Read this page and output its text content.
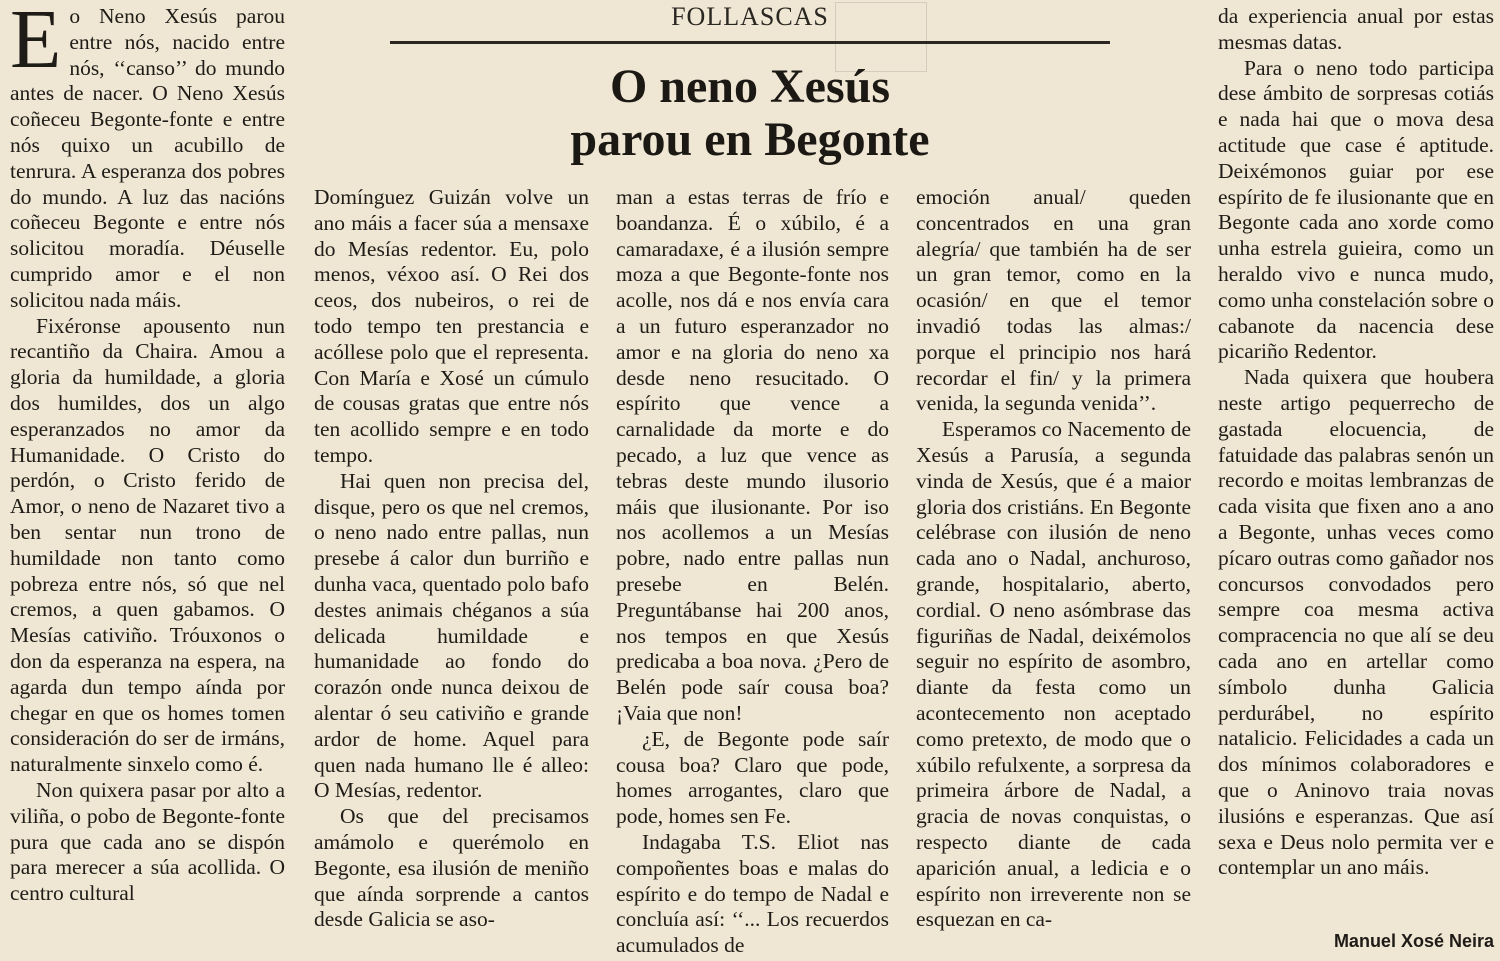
FOLLASCAS
O neno Xesús
parou en Begonte

Eo Neno Xesús parou entre nós, nacido entre nós, ‘‘canso’’ do mundo antes de nacer. O Neno Xesús coñeceu Begonte-fonte e entre nós quixo un acubillo de tenrura. A esperanza dos pobres do mundo. A luz das nacións coñeceu Begonte e entre nós solicitou moradía. Déuselle cumprido amor e el non solicitou nada máis.

Fixéronse apousento nun recantiño da Chaira. Amou a gloria da humildade, a gloria dos humildes, dos un algo esperanzados no amor da Humanidade. O Cristo do perdón, o Cristo ferido de Amor, o neno de Nazaret tivo a ben sentar nun trono de humildade non tanto como pobreza entre nós, só que nel cremos, a quen gabamos. O Mesías cativiño. Tróuxonos o don da esperanza na espera, na agarda dun tempo aínda por chegar en que os homes tomen consideración do ser de irmáns, naturalmente sinxelo como é.

Non quixera pasar por alto a viliña, o pobo de Begonte-fonte pura que cada ano se dispón para merecer a súa acollida. O centro cultural

Domínguez Guizán volve un ano máis a facer súa a mensaxe do Mesías redentor. Eu, polo menos, véxoo así. O Rei dos ceos, dos nubeiros, o rei de todo tempo ten prestancia e acóllese polo que el representa. Con María e Xosé un cúmulo de cousas gratas que entre nós ten acollido sempre e en todo tempo.

Hai quen non precisa del, disque, pero os que nel cremos, o neno nado entre pallas, nun presebe á calor dun burriño e dunha vaca, quentado polo bafo destes animais chéganos a súa delicada humildade e humanidade ao fondo do corazón onde nunca deixou de alentar ó seu cativiño e grande ardor de home. Aquel para quen nada humano lle é alleo: O Mesías, redentor.

Os que del precisamos amámolo e querémolo en Begonte, esa ilusión de meniño que aínda sorprende a cantos desde Galicia se aso-

man a estas terras de frío e boandanza. É o xúbilo, é a camaradaxe, é a ilusión sempre moza a que Begonte-fonte nos acolle, nos dá e nos envía cara a un futuro esperanzador no amor e na gloria do neno xa desde neno resucitado. O espírito que vence a carnalidade da morte e do pecado, a luz que vence as tebras deste mundo ilusorio máis que ilusionante. Por iso nos acollemos a un Mesías pobre, nado entre pallas nun presebe en Belén. Preguntábanse hai 200 anos, nos tempos en que Xesús predicaba a boa nova. ¿Pero de Belén pode saír cousa boa? ¡Vaia que non!

¿E, de Begonte pode saír cousa boa? Claro que pode, homes arrogantes, claro que pode, homes sen Fe.

Indagaba T.S. Eliot nas compoñentes boas e malas do espírito e do tempo de Nadal e concluía así: ‘‘... Los recuerdos acumulados de

emoción anual/ queden concentrados en una gran alegría/ que también ha de ser un gran temor, como en la ocasión/ en que el temor invadió todas las almas:/ porque el principio nos hará recordar el fin/ y la primera venida, la segunda venida’’.

Esperamos co Nacemento de Xesús a Parusía, a segunda vinda de Xesús, que é a maior gloria dos cristiáns. En Begonte celébrase con ilusión de neno cada ano o Nadal, anchuroso, grande, hospitalario, aberto, cordial. O neno asómbrase das figuriñas de Nadal, deixémolos seguir no espírito de asombro, diante da festa como un acontecemento non aceptado como pretexto, de modo que o xúbilo refulxente, a sorpresa da primeira árbore de Nadal, a gracia de novas conquistas, o respecto diante de cada aparición anual, a ledicia e o espírito non irreverente non se esquezan en ca-

da experiencia anual por estas mesmas datas.

Para o neno todo participa dese ámbito de sorpresas cotiás e nada hai que o mova desa actitude que case é aptitude. Deixémonos guiar por ese espírito de fe ilusionante que en Begonte cada ano xorde como unha estrela guieira, como un heraldo vivo e nunca mudo, como unha constelación sobre o cabanote da nacencia dese picariño Redentor.

Nada quixera que houbera neste artigo pequerrecho de gastada elocuencia, de fatuidade das palabras senón un recordo e moitas lembranzas de cada visita que fixen ano a ano a Begonte, unhas veces como pícaro outras como gañador nos concursos convodados pero sempre coa mesma activa compracencia no que alí se deu cada ano en artellar como símbolo dunha Galicia perdurábel, no espírito natalicio. Felicidades a cada un dos mínimos colaboradores e que o Aninovo traia novas ilusións e esperanzas. Que así sexa e Deus nolo permita ver e contemplar un ano máis.

Manuel Xosé Neira
